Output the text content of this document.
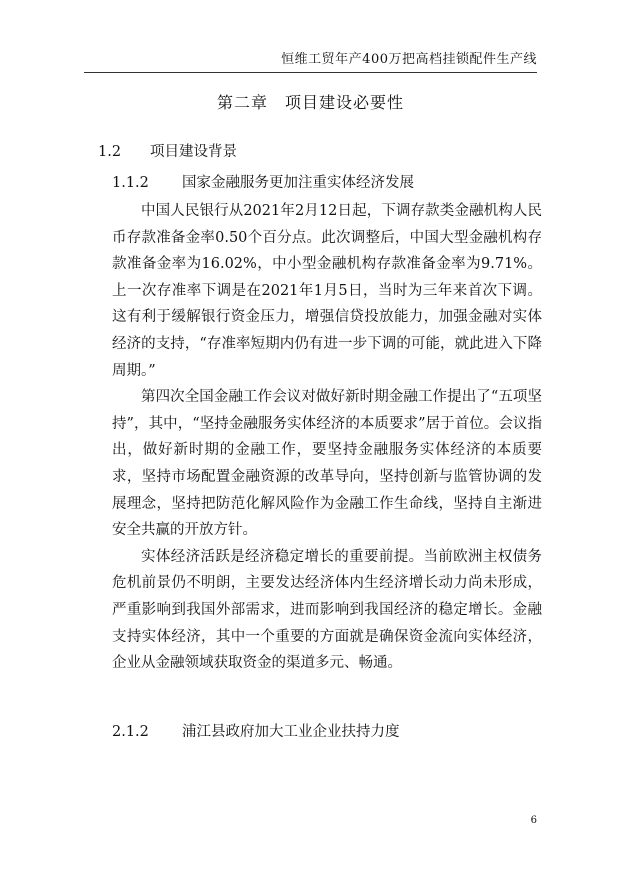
恒维工贸年产400万把高档挂锁配件生产线
第二章　项目建设必要性
1.2 项目建设背景
1.1.2 国家金融服务更加注重实体经济发展

中国人民银行从2021年2月12日起，下调存款类金融机构人民币存款准备金率0.50个百分点。此次调整后，中国大型金融机构存款准备金率为16.02%，中小型金融机构存款准备金率为9.71%。上一次存准率下调是在2021年1月5日，当时为三年来首次下调。这有利于缓解银行资金压力，增强信贷投放能力，加强金融对实体经济的支持，“存准率短期内仍有进一步下调的可能，就此进入下降周期。”

第四次全国金融工作会议对做好新时期金融工作提出了“五项坚持”，其中，“坚持金融服务实体经济的本质要求”居于首位。会议指出，做好新时期的金融工作，要坚持金融服务实体经济的本质要求，坚持市场配置金融资源的改革导向，坚持创新与监管协调的发展理念，坚持把防范化解风险作为金融工作生命线，坚持自主渐进安全共赢的开放方针。

实体经济活跃是经济稳定增长的重要前提。当前欧洲主权债务危机前景仍不明朗，主要发达经济体内生经济增长动力尚未形成，严重影响到我国外部需求，进而影响到我国经济的稳定增长。金融支持实体经济，其中一个重要的方面就是确保资金流向实体经济，企业从金融领域获取资金的渠道多元、畅通。

2.1.2 浦江县政府加大工业企业扶持力度
6
